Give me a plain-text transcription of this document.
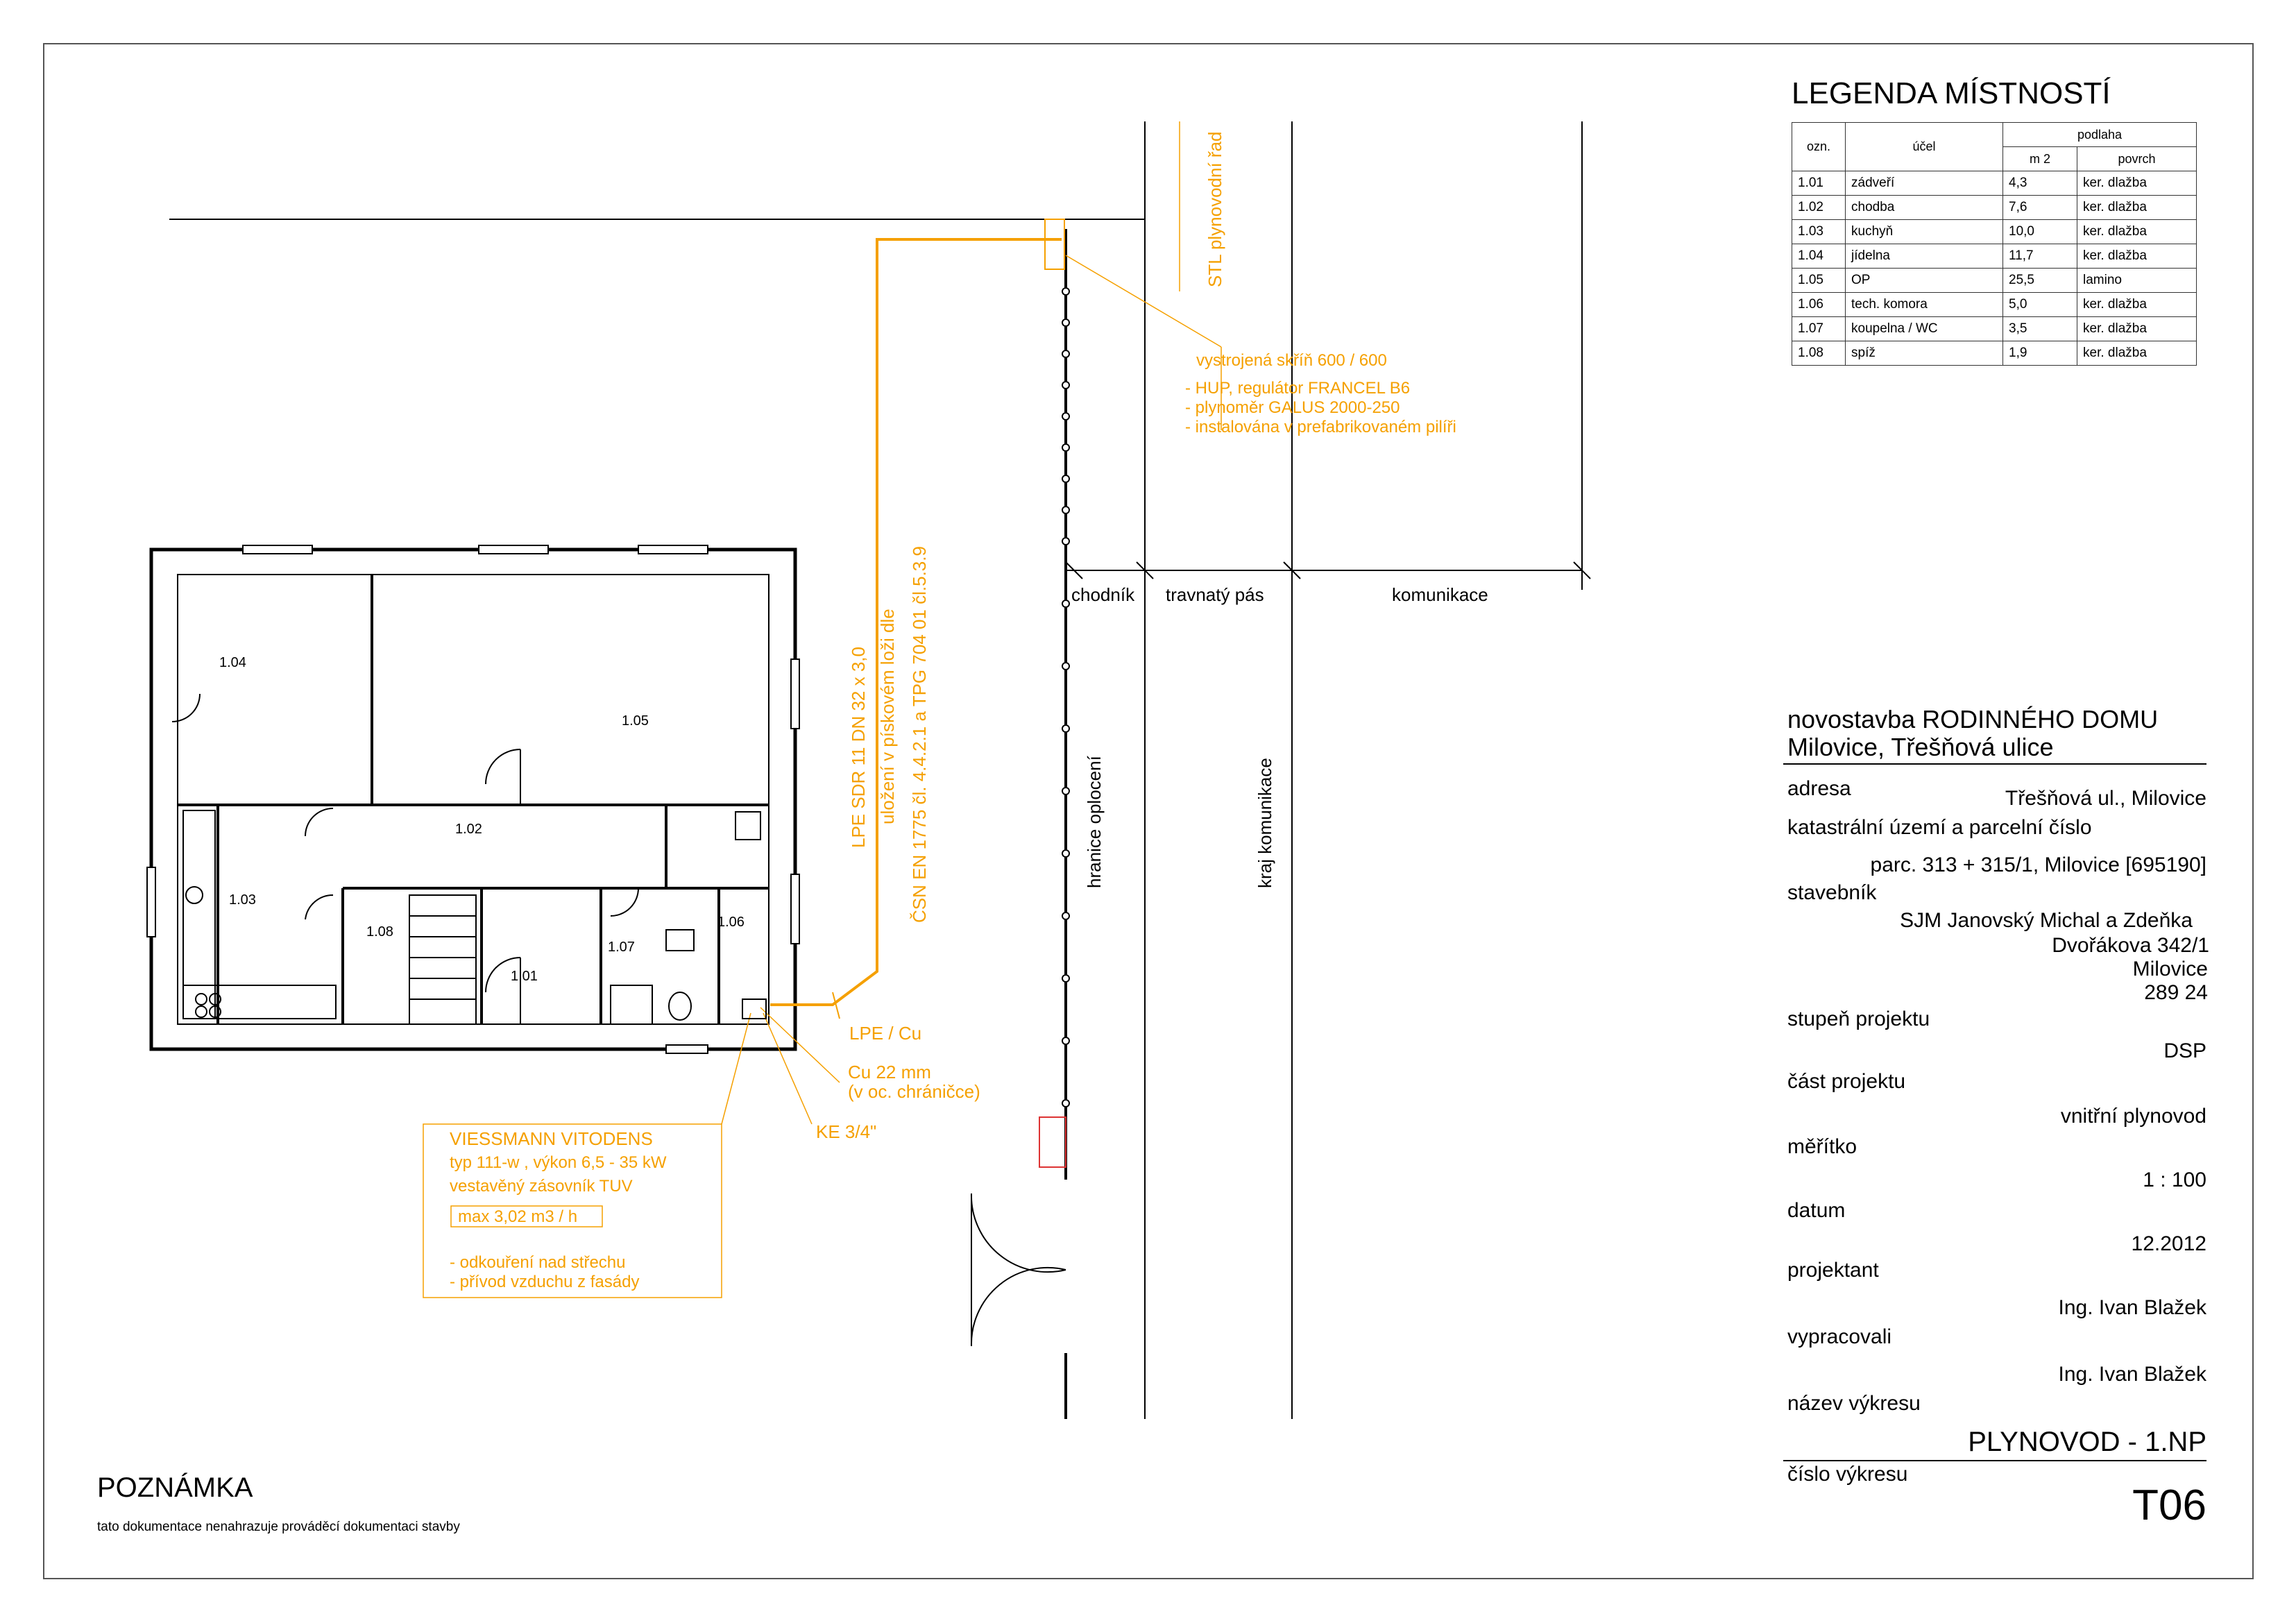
1.04
1.05
1.02
1.03
1.08
1.06
1.07
1.01
chodník travnatý pás	komunikace
hranice oplocení	kraj komunikace
STL plynovodní řad
vystrojená skříň 600 / 600
- HUP, regulátor FRANCEL B6
- plynoměr GALUS 2000-250
- instalována v prefabrikovaném pilíři
LPE SDR 11 DN 32 x 3,0 uložení v pískovém loži dle ČSN EN 1775 čl. 4.4.2.1 a TPG 704 01 čl.5.3.9
LPE / Cu
Cu 22 mm
(v oc. chráničce)
KE 3/4"
VIESSMANN VITODENS
typ 111-w , výkon 6,5 - 35 kW
vestavěný zásovník TUV
max 3,02 m3 / h
- odkouření nad střechu
- přívod vzduchu z fasády
LEGENDA MÍSTNOSTÍ
ozn.	účel	podlaha	
		m 2	povrch
1.01	zádveří	4,3	ker. dlažba
1.02	chodba	7,6	ker. dlažba
1.03	kuchyň	10,0	ker. dlažba
1.04	jídelna	11,7	ker. dlažba
1.05	OP	25,5	lamino
1.06	tech. komora	5,0	ker. dlažba
1.07	koupelna / WC	3,5	ker. dlažba
1.08	spíž	1,9	ker. dlažba
novostavba RODINNÉHO DOMU
Milovice, Třešňová ulice
adresa	Třešňová ul., Milovice
katastrální území a parcelní číslo
parc. 313 + 315/1, Milovice [695190]
stavebník
SJM Janovský Michal a Zdeňka
Dvořákova 342/1
Milovice
289 24
stupeň projektu
DSP
část projektu
vnitřní plynovod
měřítko
1 : 100
datum
12.2012
projektant
Ing. Ivan Blažek
vypracovali
Ing. Ivan Blažek
název výkresu
PLYNOVOD - 1.NP
číslo výkresu
T06
POZNÁMKA
tato dokumentace nenahrazuje prováděcí dokumentaci stavby
